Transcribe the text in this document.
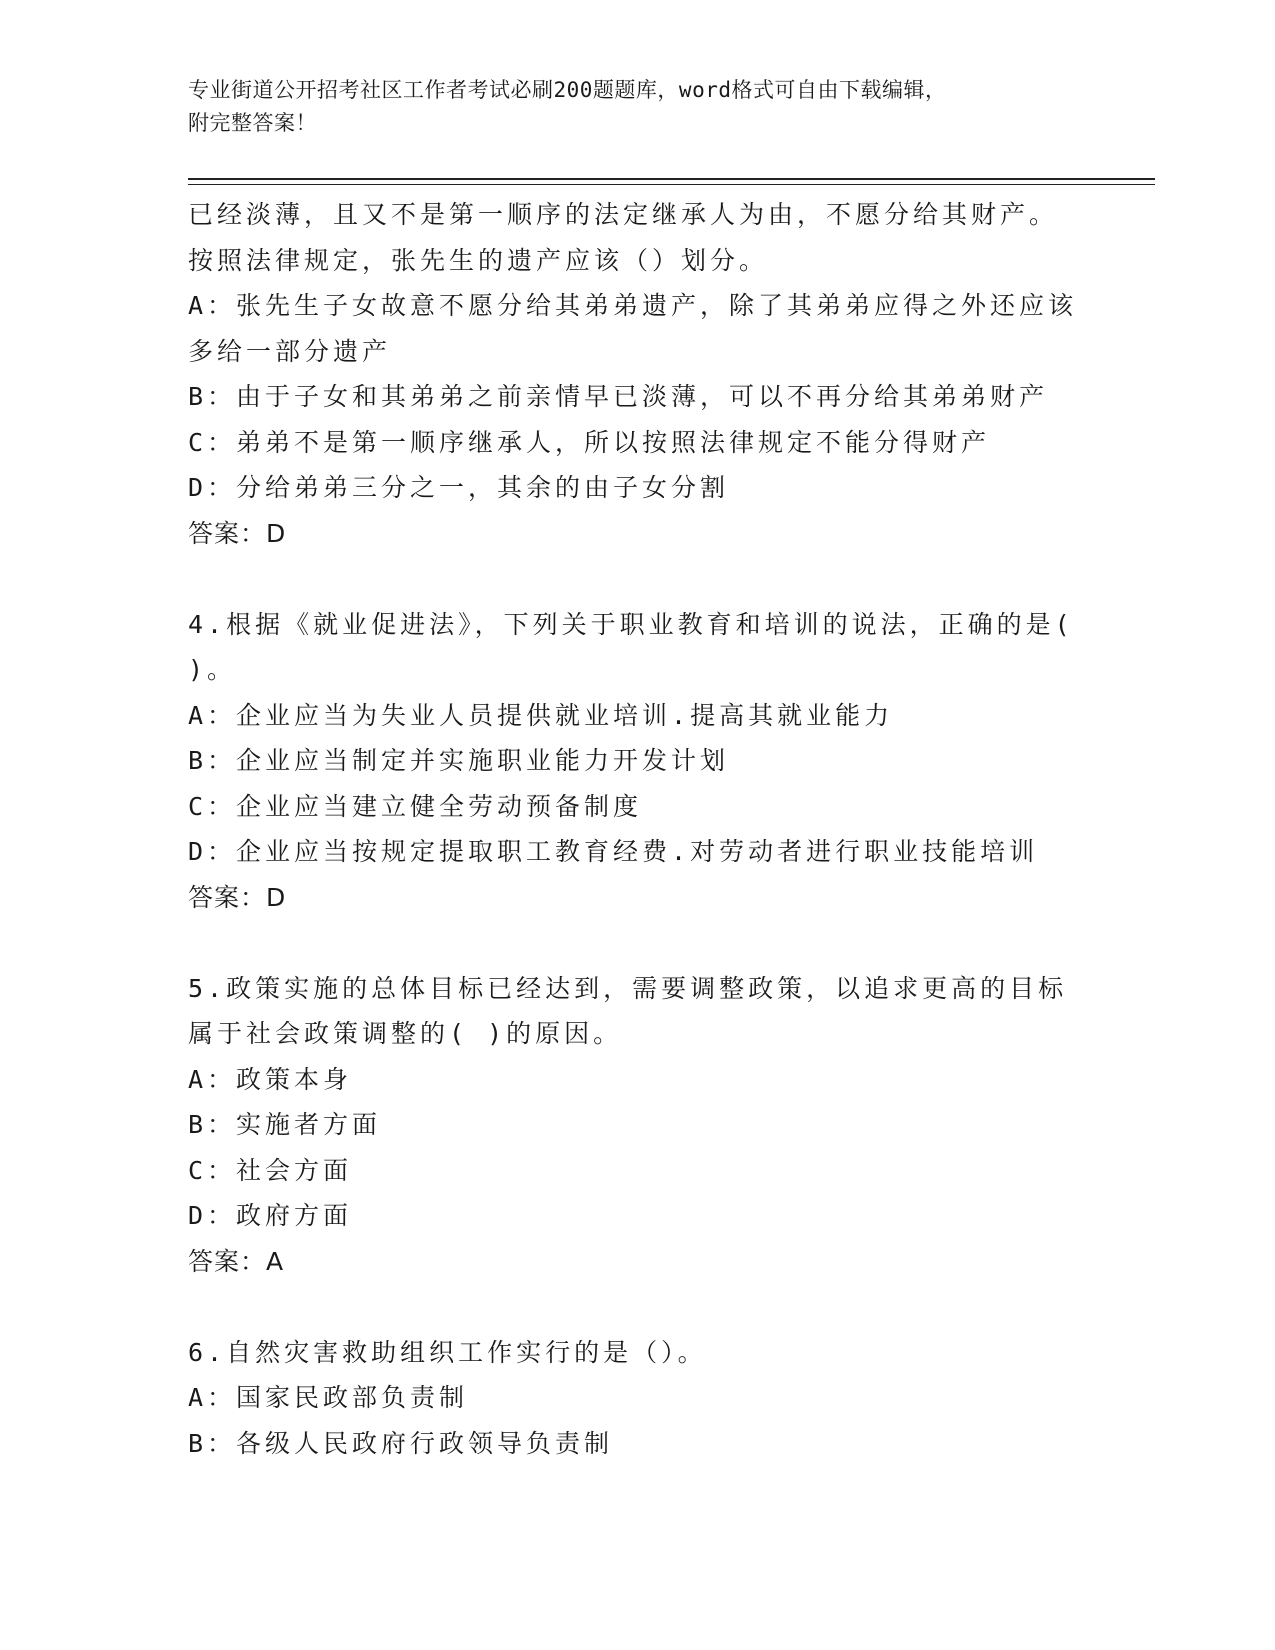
专业街道公开招考社区工作者考试必刷200题题库，word格式可自由下载编辑，
附完整答案！
已经淡薄，且又不是第一顺序的法定继承人为由，不愿分给其财产。
按照法律规定，张先生的遗产应该（）划分。
A：张先生子女故意不愿分给其弟弟遗产，除了其弟弟应得之外还应该
多给一部分遗产
B：由于子女和其弟弟之前亲情早已淡薄，可以不再分给其弟弟财产
C：弟弟不是第一顺序继承人，所以按照法律规定不能分得财产
D：分给弟弟三分之一，其余的由子女分割
答案：D
4.根据《就业促进法》，下列关于职业教育和培训的说法，正确的是(
)。
A：企业应当为失业人员提供就业培训.提高其就业能力
B：企业应当制定并实施职业能力开发计划
C：企业应当建立健全劳动预备制度
D：企业应当按规定提取职工教育经费.对劳动者进行职业技能培训
答案：D
5.政策实施的总体目标已经达到，需要调整政策，以追求更高的目标
属于社会政策调整的( )的原因。
A：政策本身
B：实施者方面
C：社会方面
D：政府方面
答案：A
6.自然灾害救助组织工作实行的是（）。
A：国家民政部负责制
B：各级人民政府行政领导负责制
